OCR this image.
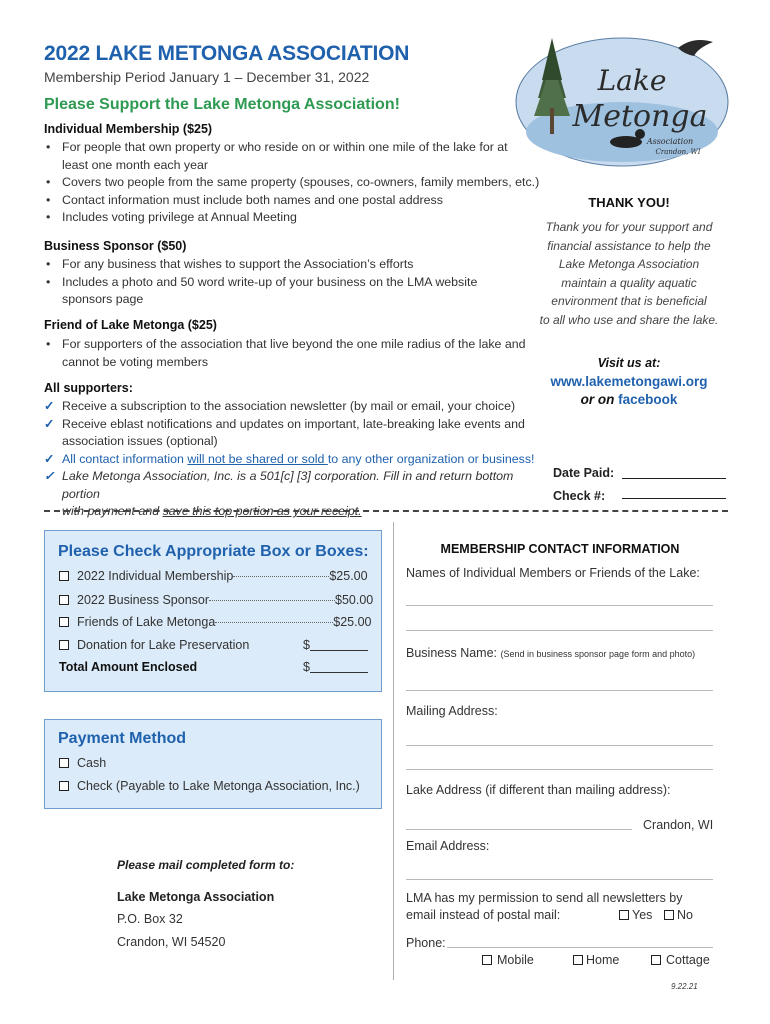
2022 LAKE METONGA ASSOCIATION
Membership Period January 1 – December 31, 2022
Please Support the Lake Metonga Association!
Lake
Metonga
Association
Crandon, WI
Individual Membership ($25)
• For people that own property or who reside on or within one mile of the lake for at
least one month each year
• Covers two people from the same property (spouses, co-owners, family members, etc.)
• Contact information must include both names and one postal address
• Includes voting privilege at Annual Meeting
Business Sponsor ($50)
• For any business that wishes to support the Association’s efforts
• Includes a photo and 50 word write-up of your business on the LMA website
sponsors page
Friend of Lake Metonga ($25)
• For supporters of the association that live beyond the one mile radius of the lake and
cannot be voting members
All supporters:
✓ Receive a subscription to the association newsletter (by mail or email, your choice)
✓ Receive eblast notifications and updates on important, late-breaking lake events and
association issues (optional)
✓ All contact information will not be shared or sold to any other organization or business!
✓ Lake Metonga Association, Inc. is a 501[c] [3] corporation. Fill in and return bottom portion
with payment and save this top portion as your receipt.
THANK YOU!
Thank you for your support and
financial assistance to help the
Lake Metonga Association
maintain a quality aquatic
environment that is beneficial
to all who use and share the lake.
Visit us at:
www.lakemetongawi.org
or on facebook
Date Paid:
Check #:
Please Check Appropriate Box or Boxes:
2022 Individual Membership	$25.00
2022 Business Sponsor	$50.00
Friends of Lake Metonga	$25.00
Donation for Lake Preservation	$
Total Amount Enclosed	$
Payment Method
Cash
Check (Payable to Lake Metonga Association, Inc.)
Please mail completed form to:
Lake Metonga Association
P.O. Box 32
Crandon, WI 54520
MEMBERSHIP CONTACT INFORMATION
Names of Individual Members or Friends of the Lake:
Business Name: (Send in business sponsor page form and photo)
Mailing Address:
Lake Address (if different than mailing address):
Crandon, WI
Email Address:
LMA has my permission to send all newsletters by
email instead of postal mail:	Yes	No
Phone:
Mobile	Home	Cottage
9.22.21
